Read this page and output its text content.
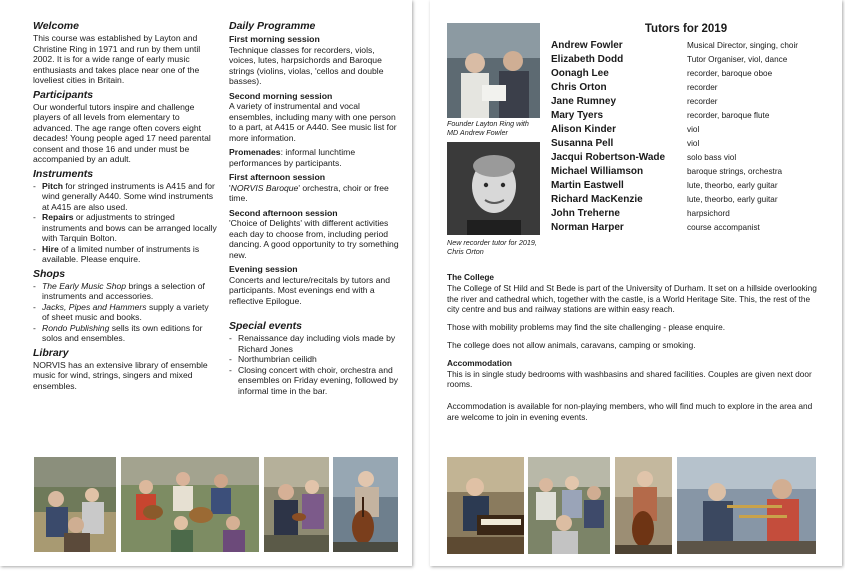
Welcome

This course was established by Layton and Christine Ring in 1971 and run by them until 2002. It is for a wide range of early music enthusiasts and takes place near one of the loveliest cities in Britain.

Participants

Our wonderful tutors inspire and challenge players of all levels from elementary to advanced. The age range often covers eight decades! Young people aged 17 need parental consent and those 16 and under must be accompanied by an adult.

Instruments
- Pitch for stringed instruments is A415 and for wind generally A440. Some wind instruments at A415 are also used.
- Repairs or adjustments to stringed instruments and bows can be arranged locally with Tarquin Bolton.
- Hire of a limited number of instruments is available. Please enquire.
Shops
- The Early Music Shop brings a selection of instruments and accessories.
- Jacks, Pipes and Hammers supply a variety of sheet music and books.
- Rondo Publishing sells its own editions for solos and ensembles.
Library

NORVIS has an extensive library of ensemble music for wind, strings, singers and mixed ensembles.

Daily Programme
First morning session

Technique classes for recorders, viols, voices, lutes, harpsichords and Baroque strings (violins, violas, 'cellos and double basses).

Second morning session

A variety of instrumental and vocal ensembles, including many with one person to a part, at A415 or A440. See music list for more information.

Promenades: informal lunchtime performances by participants.

First afternoon session

'NORVIS Baroque' orchestra, choir or free time.

Second afternoon session

'Choice of Delights' with different activities each day to choose from, including period dancing. A good opportunity to try something new.

Evening session

Concerts and lecture/recitals by tutors and participants. Most evenings end with a reflective Epilogue.

Special events
- Renaissance day including viols made by Richard Jones
- Northumbrian ceilidh
- Closing concert with choir, orchestra and ensembles on Friday evening, followed by informal time in the bar.
Founder Layton Ring with MD Andrew Fowler
New recorder tutor for 2019, Chris Orton
Tutors for 2019
Andrew Fowler	Musical Director, singing, choir
Elizabeth Dodd	Tutor Organiser, viol, dance
Oonagh Lee	recorder, baroque oboe
Chris Orton	recorder
Jane Rumney	recorder
Mary Tyers	recorder, baroque flute
Alison Kinder	viol
Susanna Pell	viol
Jacqui Robertson-Wade	solo bass viol
Michael Williamson	baroque strings, orchestra
Martin Eastwell	lute, theorbo, early guitar
Richard MacKenzie	lute, theorbo, early guitar
John Treherne	harpsichord
Norman Harper	course accompanist
The College

The College of St Hild and St Bede is part of the University of Durham. It set on a hillside overlooking the river and cathedral which, together with the castle, is a World Heritage Site. This, the rest of the city centre and bus and railway stations are within easy reach.

Those with mobility problems may find the site challenging - please enquire.

The college does not allow animals, caravans, camping or smoking.

Accommodation

This is in single study bedrooms with washbasins and shared facilities. Couples are given next door rooms.

Accommodation is available for non-playing members, who will find much to explore in the area and are welcome to join in evening events.
